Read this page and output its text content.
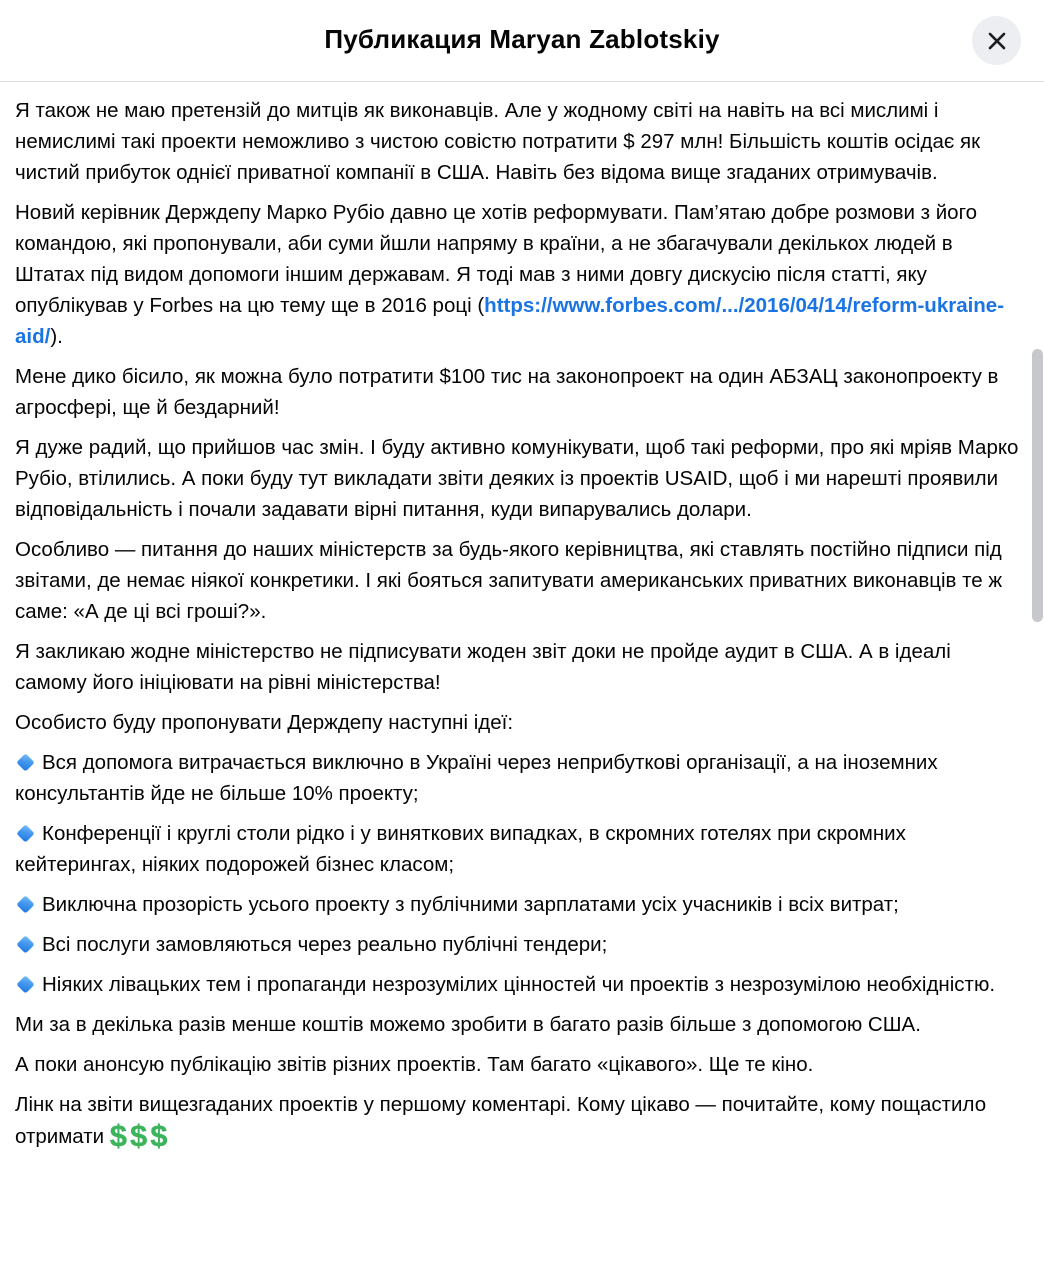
Публикация Maryan Zablotskiy

Я також не маю претензій до митців як виконавців. Але у жодному світі на навіть на всі мислимі і немислимі такі проекти неможливо з чистою совістю потратити $ 297 млн! Більшість коштів осідає як чистий прибуток однієї приватної компанії в США. Навіть без відома вище згаданих отримувачів.

Новий керівник Держдепу Марко Рубіо давно це хотів реформувати. Пам’ятаю добре розмови з його командою, які пропонували, аби суми йшли напряму в країни, а не збагачували декількох людей в Штатах під видом допомоги іншим державам. Я тоді мав з ними довгу дискусію після статті, яку опублікував у Forbes на цю тему ще в 2016 році (https://www.forbes.com/.../2016/04/14/reform-ukraine-aid/).

Мене дико бісило, як можна було потратити $100 тис на законопроект на один АБЗАЦ законопроекту в агросфері, ще й бездарний!

Я дуже радий, що прийшов час змін. І буду активно комунікувати, щоб такі реформи, про які мріяв Марко Рубіо, втілились. А поки буду тут викладати звіти деяких із проектів USAID, щоб і ми нарешті проявили відповідальність і почали задавати вірні питання, куди випарувались долари.

Особливо — питання до наших міністерств за будь-якого керівництва, які ставлять постійно підписи під звітами, де немає ніякої конкретики. І які бояться запитувати американських приватних виконавців те ж саме: «А де ці всі гроші?».

Я закликаю жодне міністерство не підписувати жоден звіт доки не пройде аудит в США. А в ідеалі самому його ініціювати на рівні міністерства!

Особисто буду пропонувати Держдепу наступні ідеї:

Вся допомога витрачається виключно в Україні через неприбуткові організації, а на іноземних консультантів йде не більше 10% проекту;

Конференції і круглі столи рідко і у виняткових випадках, в скромних готелях при скромних кейтерингах, ніяких подорожей бізнес класом;

Виключна прозорість усього проекту з публічними зарплатами усіх учасників і всіх витрат;

Всі послуги замовляються через реально публічні тендери;

Ніяких лівацьких тем і пропаганди незрозумілих цінностей чи проектів з незрозумілою необхідністю.

Ми за в декілька разів менше коштів можемо зробити в багато разів більше з допомогою США.

А поки анонсую публікацію звітів різних проектів. Там багато «цікавого». Ще те кіно.

Лінк на звіти вищезгаданих проектів у першому коментарі. Кому цікаво — почитайте, кому пощастило отримати $$$
